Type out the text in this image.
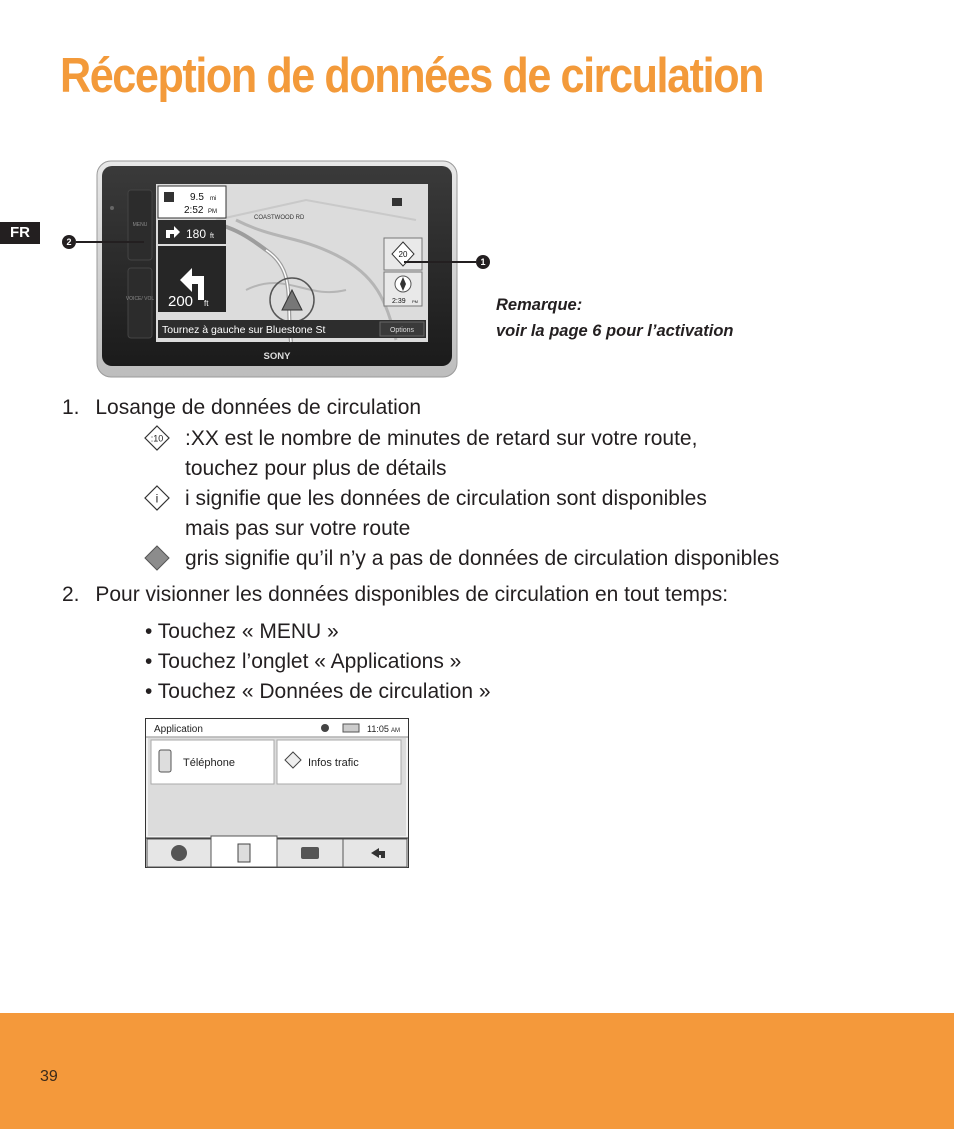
Réception de données de circulation
FR	MENU
VOICE/ VOL
COASTWOOD RD
9.5 mi
2:52 PM
180 ft
200 ft
20
2:39 PM
Tournez à gauche sur Bluestone St	Options
SONY
2
1
Remarque:
voir la page 6 pour l’activation
1. Losange de données de circulation
:10 :XX est le nombre de minutes de retard sur votre route,
touchez pour plus de détails
i i signifie que les données de circulation sont disponibles
mais pas sur votre route
gris signifie qu’il n’y a pas de données de circulation disponibles
2. Pour visionner les données disponibles de circulation en tout temps:
• Touchez « MENU »
• Touchez l’onglet « Applications »
• Touchez « Données de circulation »
Application	11:05 AM
Téléphone	Infos trafic
39
